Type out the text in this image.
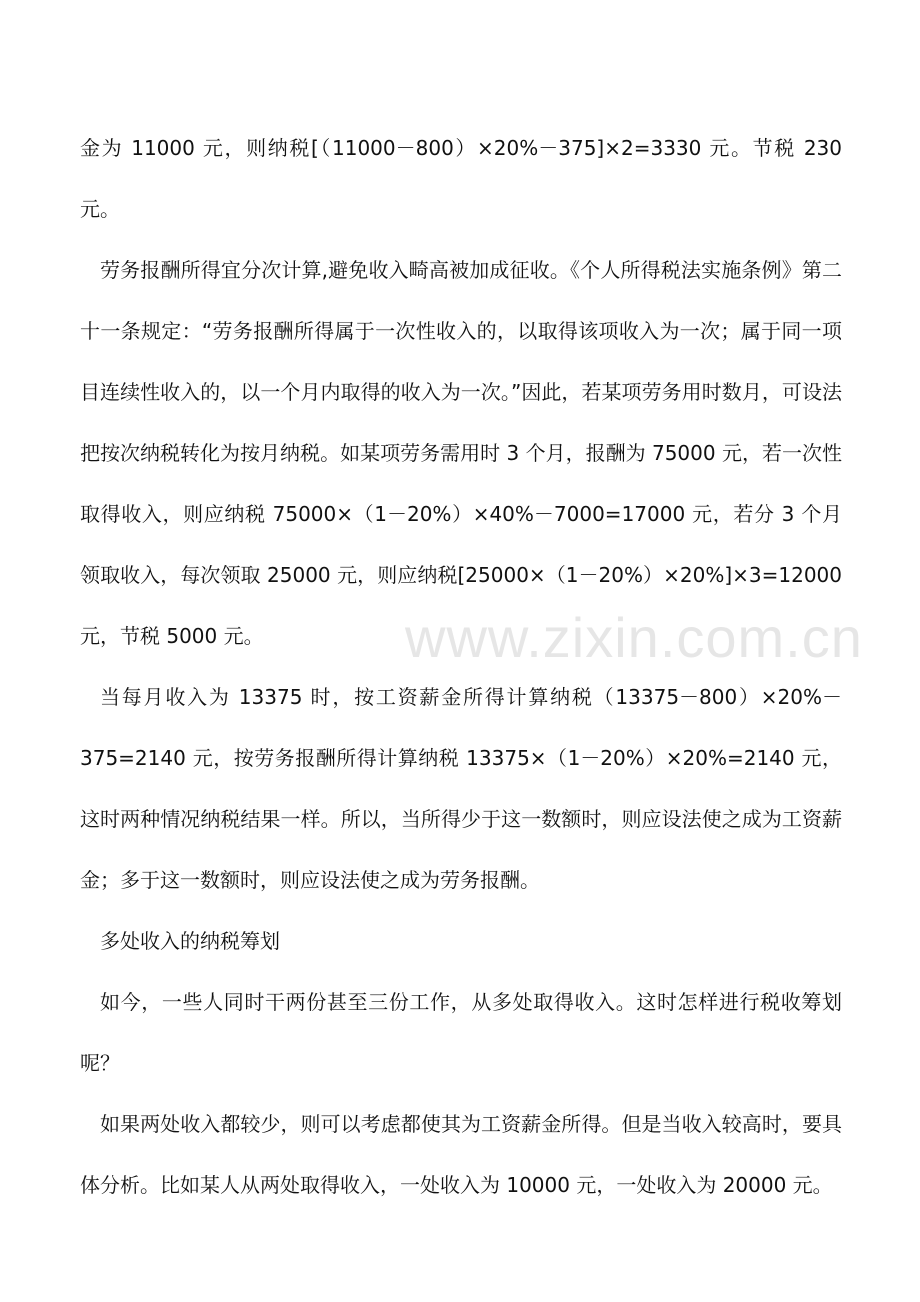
www.zixin.com.cn

金为 11000 元，则纳税[（11000－800）×20%－375]×2=3330 元。节税 230 元。

劳务报酬所得宜分次计算,避免收入畸高被加成征收。《个人所得税法实施条例》第二十一条规定：“劳务报酬所得属于一次性收入的，以取得该项收入为一次；属于同一项目连续性收入的，以一个月内取得的收入为一次。”因此，若某项劳务用时数月，可设法把按次纳税转化为按月纳税。如某项劳务需用时 3 个月，报酬为 75000 元，若一次性取得收入，则应纳税 75000×（1－20%）×40%－7000=17000 元，若分 3 个月领取收入，每次领取 25000 元，则应纳税[25000×（1－20%）×20%]×3=12000 元，节税 5000 元。

当每月收入为 13375 时，按工资薪金所得计算纳税（13375－800）×20%－375=2140 元，按劳务报酬所得计算纳税 13375×（1－20%）×20%=2140 元，这时两种情况纳税结果一样。所以，当所得少于这一数额时，则应设法使之成为工资薪金；多于这一数额时，则应设法使之成为劳务报酬。

多处收入的纳税筹划

如今，一些人同时干两份甚至三份工作，从多处取得收入。这时怎样进行税收筹划呢？

如果两处收入都较少，则可以考虑都使其为工资薪金所得。但是当收入较高时，要具体分析。比如某人从两处取得收入，一处收入为 10000 元，一处收入为 20000 元。
